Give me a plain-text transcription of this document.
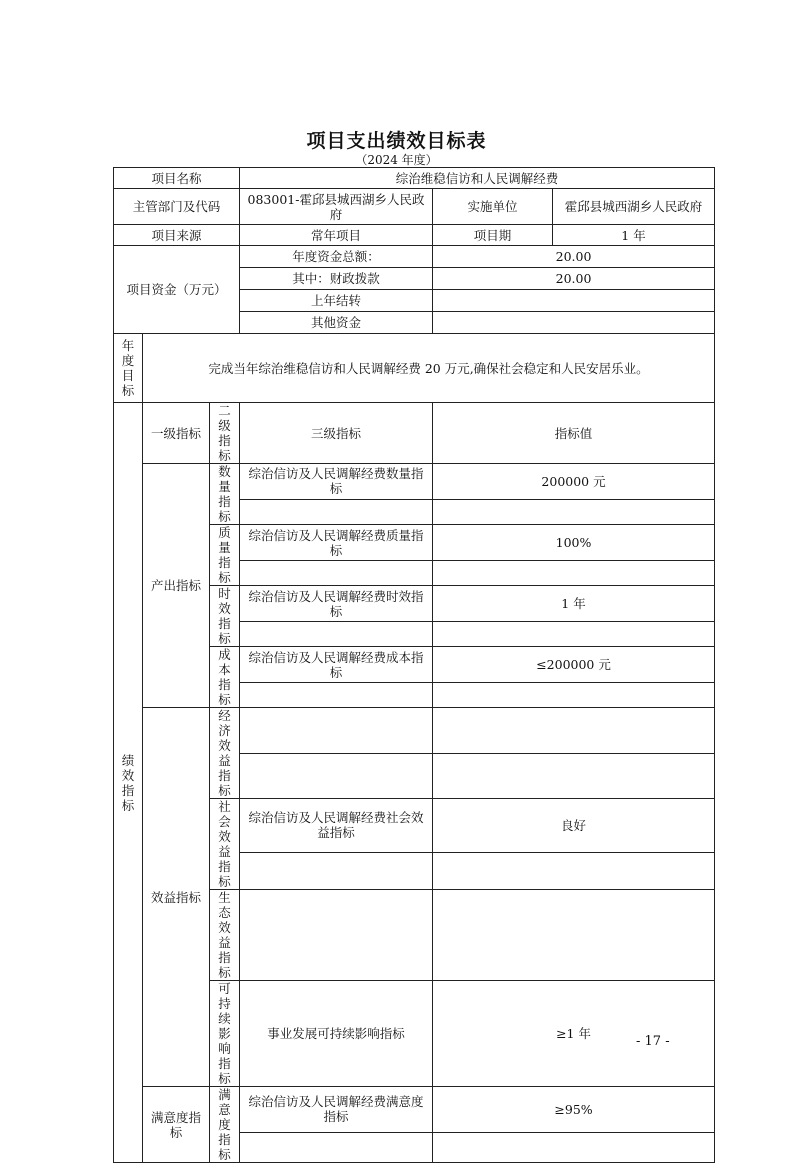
项目支出绩效目标表
（2024 年度）
项目名称			综治维稳信访和人民调解经费		
主管部门及代码			083001-霍邱县城西湖乡人民政府	实施单位	霍邱县城西湖乡人民政府
项目来源			常年项目	项目期	1 年
项目资金（万元）			年度资金总额：	20.00	
			其中：财政拨款	20.00	
			上年结转		
			其他资金		
年度目标	完成当年综治维稳信访和人民调解经费 20 万元,确保社会稳定和人民安居乐业。				
绩效指标	一级指标	二级指标	三级指标	指标值	
	产出指标	数量指标	综治信访及人民调解经费数量指标	200000 元	

		质量指标	综治信访及人民调解经费质量指标	100%	

		时效指标	综治信访及人民调解经费时效指标	1 年	

		成本指标	综治信访及人民调解经费成本指标	≤200000 元	

	效益指标	经济效益指标			

		社会效益指标	综治信访及人民调解经费社会效益指标	良好	

		生态效益指标			
		可持续影响指标	事业发展可持续影响指标	≥1 年	
	满意度指标	满意度指标	综治信访及人民调解经费满意度指标	≥95%	

- 17 -
